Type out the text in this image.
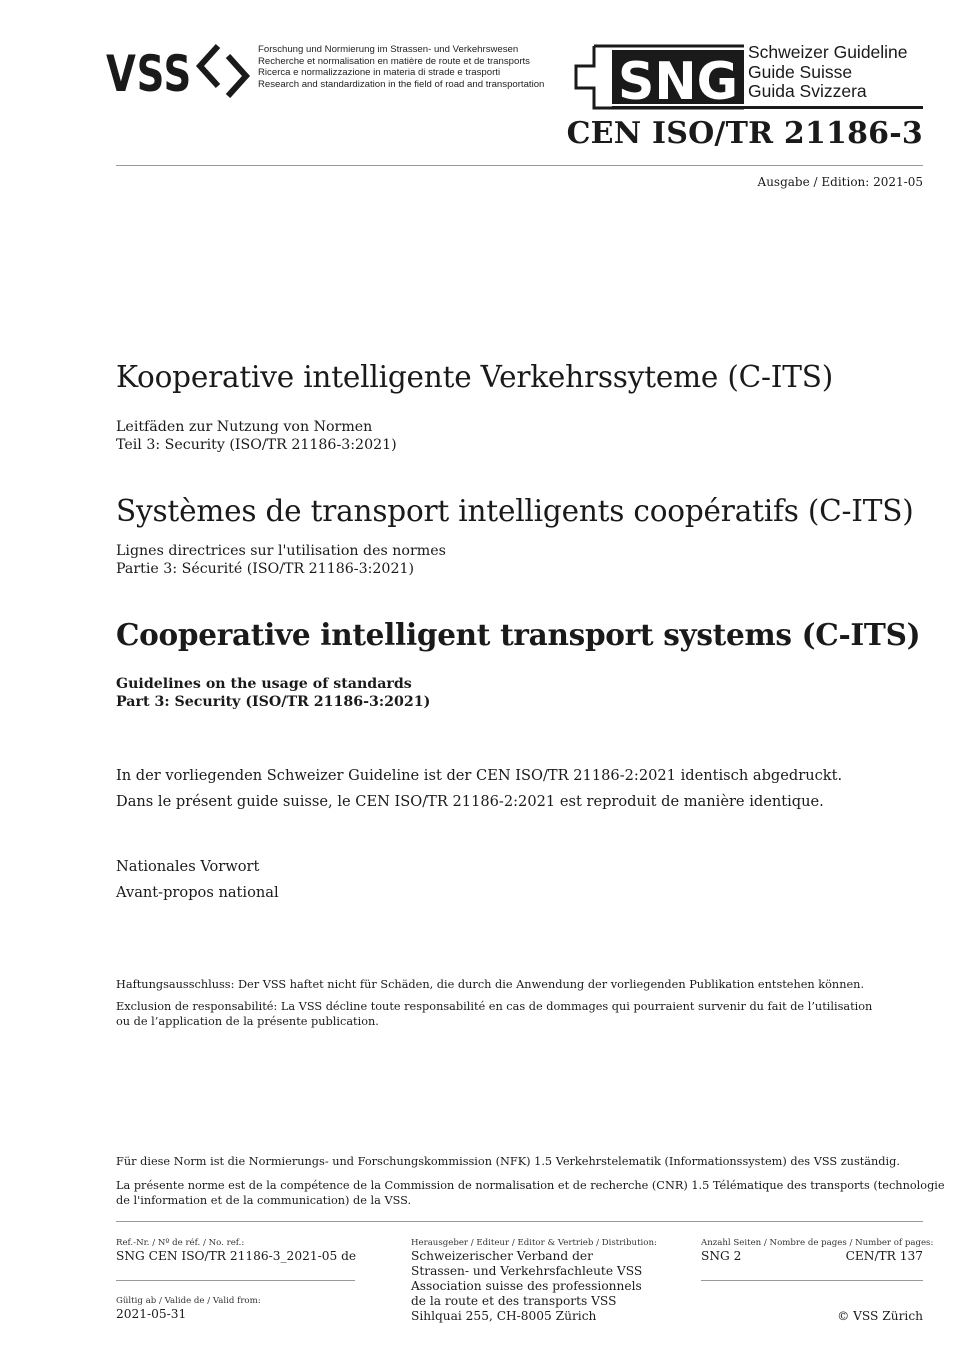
VSS	Forschung und Normierung im Strassen- und Verkehrswesen
Recherche et normalisation en matière de route et de transports
Ricerca e normalizzazione in materia di strade e trasporti
Research and standardization in the field of road and transportation SNG Schweizer Guideline
Guide Suisse
Guida Svizzera
CEN ISO/TR 21186-3
Ausgabe / Edition: 2021-05
Kooperative intelligente Verkehrssyteme (C-ITS)
Leitfäden zur Nutzung von Normen
Teil 3: Security (ISO/TR 21186-3:2021)
Systèmes de transport intelligents coopératifs (C-ITS)
Lignes directrices sur l'utilisation des normes
Partie 3: Sécurité (ISO/TR 21186-3:2021)
Cooperative intelligent transport systems (C-ITS)
Guidelines on the usage of standards
Part 3: Security (ISO/TR 21186-3:2021)
In der vorliegenden Schweizer Guideline ist der CEN ISO/TR 21186-2:2021 identisch abgedruckt.
Dans le présent guide suisse, le CEN ISO/TR 21186-2:2021 est reproduit de manière identique.
Nationales Vorwort
Avant-propos national
Haftungsausschluss: Der VSS haftet nicht für Schäden, die durch die Anwendung der vorliegenden Publikation entstehen können.
Exclusion de responsabilité: La VSS décline toute responsabilité en cas de dommages qui pourraient survenir du fait de l’utilisation
ou de l’application de la présente publication.
Für diese Norm ist die Normierungs- und Forschungskommission (NFK) 1.5 Verkehrstelematik (Informationssystem) des VSS zuständig.
La présente norme est de la compétence de la Commission de normalisation et de recherche (CNR) 1.5 Télématique des transports (technologie
de l'information et de la communication) de la VSS.
Ref.-Nr. / Nº de réf. / No. ref.:
SNG CEN ISO/TR 21186-3_2021-05 de
Gültig ab / Valide de / Valid from:
2021-05-31
Herausgeber / Editeur / Editor & Vertrieb / Distribution:
Schweizerischer Verband der
Strassen- und Verkehrsfachleute VSS
Association suisse des professionnels
de la route et des transports VSS
Sihlquai 255, CH-8005 Zürich
Anzahl Seiten / Nombre de pages / Number of pages:
SNG 2	CEN/TR 137
© VSS Zürich
